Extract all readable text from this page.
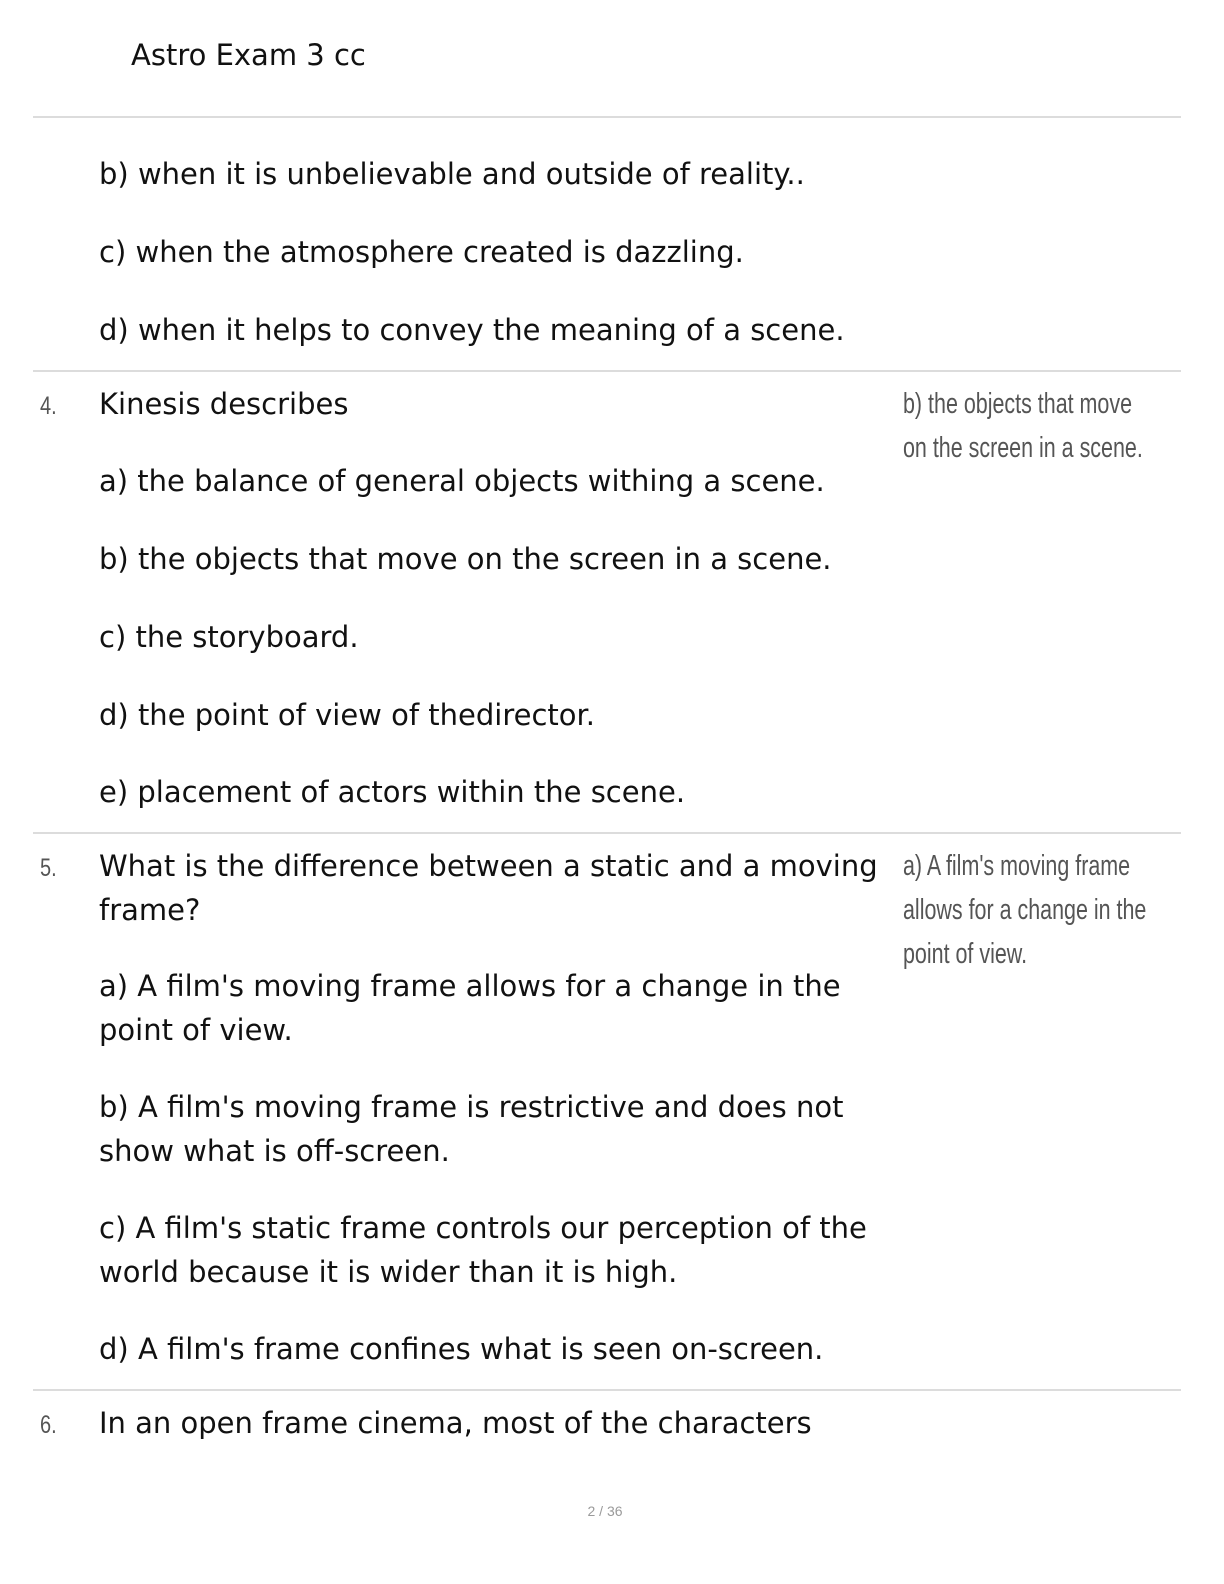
Astro Exam 3 cc
b) when it is unbelievable and outside of reality..
c) when the atmosphere created is dazzling.
d) when it helps to convey the meaning of a scene.
4. Kinesis describes	b) the objects that move
on the screen in a scene.
a) the balance of general objects withing a scene.
b) the objects that move on the screen in a scene.
c) the storyboard.
d) the point of view of thedirector.
e) placement of actors within the scene.
5. What is the difference between a static and a moving
frame?
a) A film's moving frame
allows for a change in the
point of view.
a) A film's moving frame allows for a change in the
point of view.
b) A film's moving frame is restrictive and does not
show what is off-screen.
c) A film's static frame controls our perception of the
world because it is wider than it is high.
d) A film's frame confines what is seen on-screen.
6. In an open frame cinema, most of the characters
2 / 36
